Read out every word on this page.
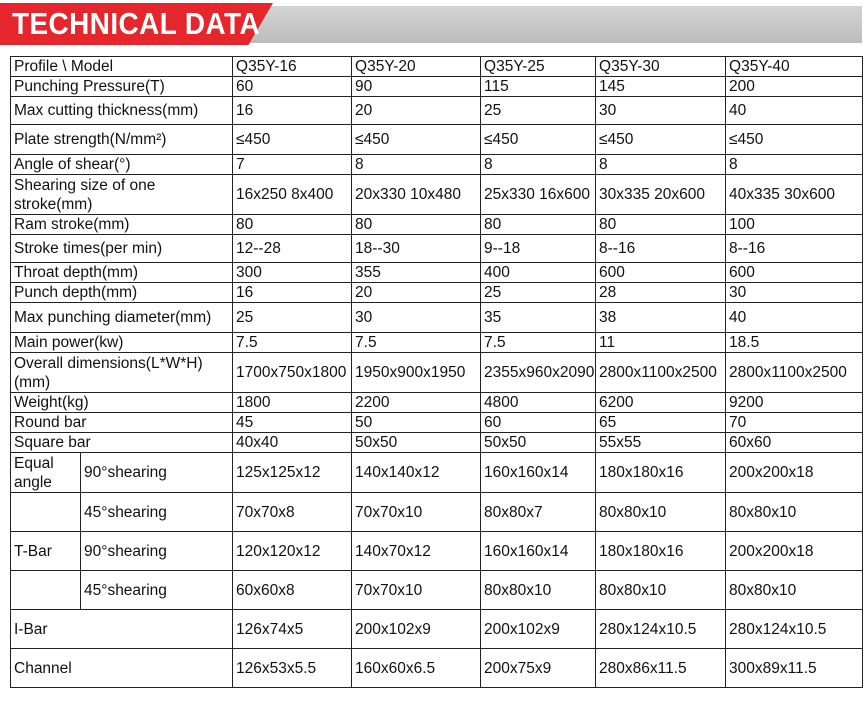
TECHNICAL DATA
Profile \ Model		Q35Y-16	Q35Y-20	Q35Y-25	Q35Y-30	Q35Y-40
Punching Pressure(T)		60	90	115	145	200
Max cutting thickness(mm)		16	20	25	30	40
Plate strength(N/mm²)		≤450	≤450	≤450	≤450	≤450
Angle of shear(°)		7	8	8	8	8
Shearing size of one stroke(mm)		16x250 8x400	20x330 10x480	25x330 16x600	30x335 20x600	40x335 30x600
Ram stroke(mm)		80	80	80	80	100
Stroke times(per min)		12--28	18--30	9--18	8--16	8--16
Throat depth(mm)		300	355	400	600	600
Punch depth(mm)		16	20	25	28	30
Max punching diameter(mm)		25	30	35	38	40
Main power(kw)		7.5	7.5	7.5	11	18.5
Overall dimensions(L*W*H)(mm)		1700x750x1800	1950x900x1950	2355x960x2090	2800x1100x2500	2800x1100x2500
Weight(kg)		1800	2200	4800	6200	9200
Round bar		45	50	60	65	70
Square bar		40x40	50x50	50x50	55x55	60x60
Equal angle	90°shearing	125x125x12	140x140x12	160x160x14	180x180x16	200x200x18
	45°shearing	70x70x8	70x70x10	80x80x7	80x80x10	80x80x10
T-Bar	90°shearing	120x120x12	140x70x12	160x160x14	180x180x16	200x200x18
	45°shearing	60x60x8	70x70x10	80x80x10	80x80x10	80x80x10
I-Bar		126x74x5	200x102x9	200x102x9	280x124x10.5	280x124x10.5
Channel		126x53x5.5	160x60x6.5	200x75x9	280x86x11.5	300x89x11.5
